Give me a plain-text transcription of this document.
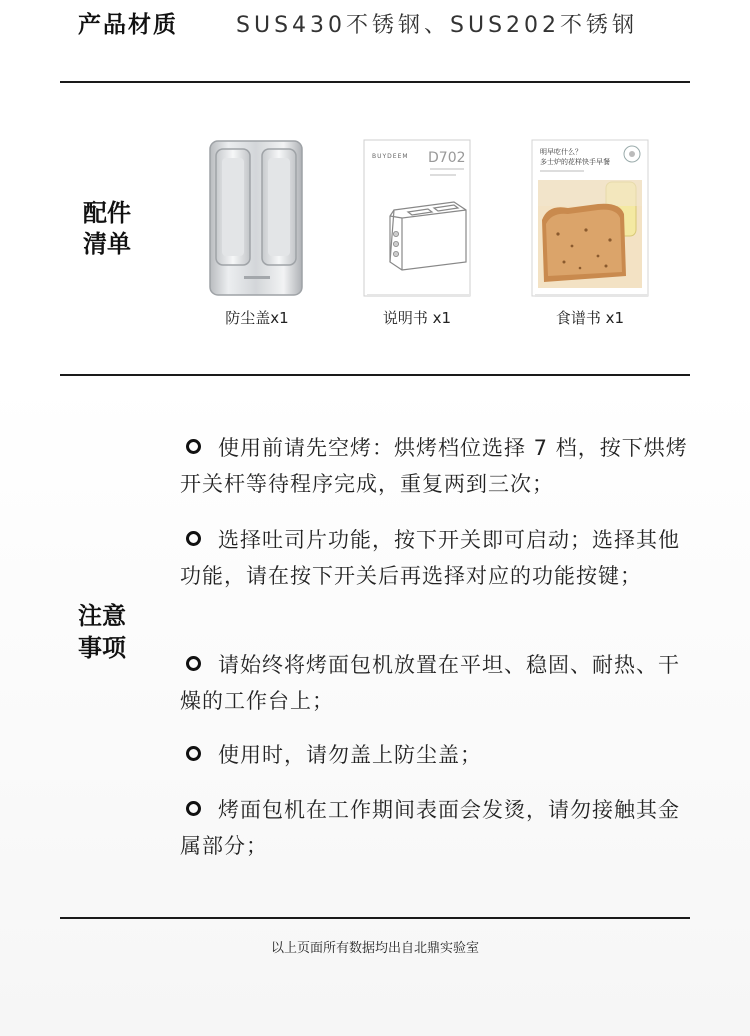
产品材质	SUS430不锈钢、SUS202不锈钢
配件
清单
防尘盖x1
BUYDEEM D702
说明书 x1
明早吃什么？
多士炉的花样快手早餐
食谱书 x1
注意
事项
使用前请先空烤：烘烤档位选择 7 档，按下烘烤开关杆等待程序完成，重复两到三次；
选择吐司片功能，按下开关即可启动；选择其他功能，请在按下开关后再选择对应的功能按键；
请始终将烤面包机放置在平坦、稳固、耐热、干燥的工作台上；
使用时，请勿盖上防尘盖；
烤面包机在工作期间表面会发烫，请勿接触其金属部分；
以上页面所有数据均出自北鼎实验室
